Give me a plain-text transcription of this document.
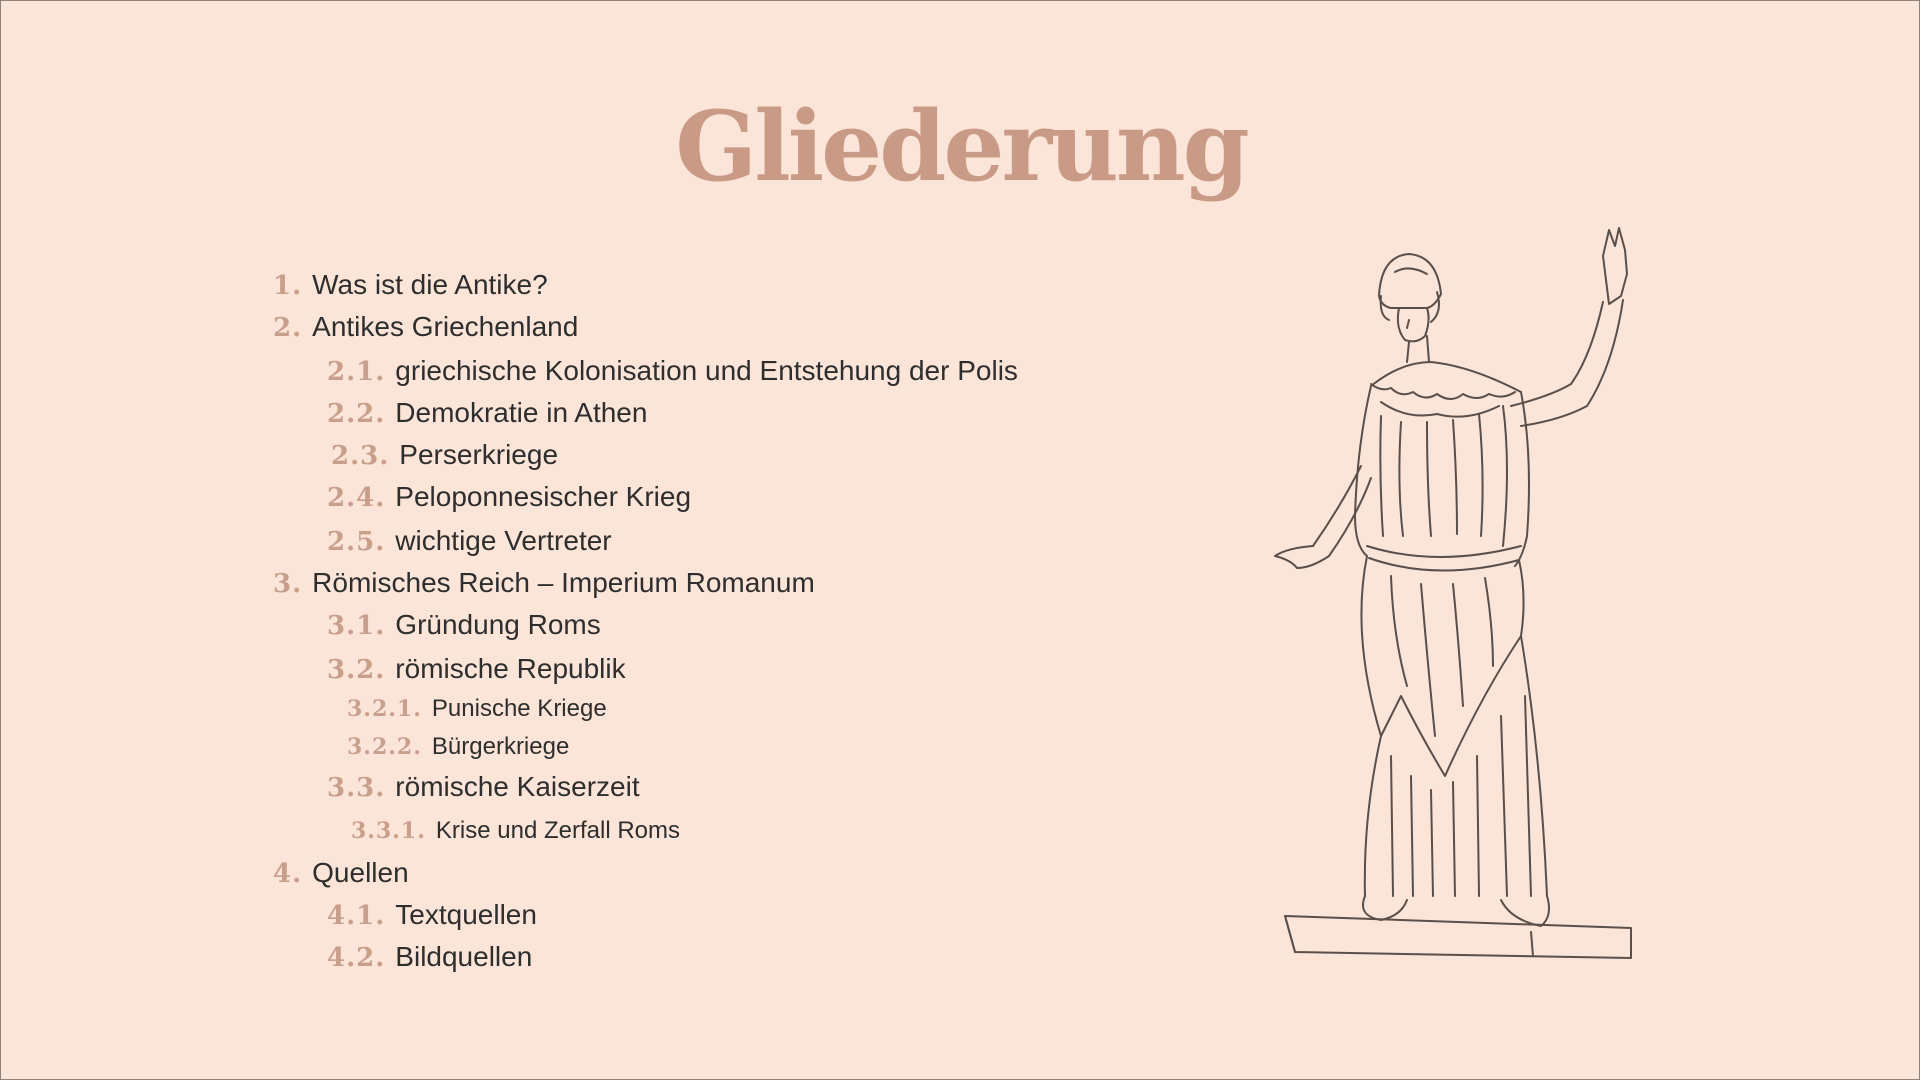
Gliederung
1. Was ist die Antike?
2. Antikes Griechenland
2.1. griechische Kolonisation und Entstehung der Polis
2.2. Demokratie in Athen
2.3. Perserkriege
2.4. Peloponnesischer Krieg
2.5. wichtige Vertreter
3. Römisches Reich – Imperium Romanum
3.1. Gründung Roms
3.2. römische Republik
3.2.1. Punische Kriege
3.2.2. Bürgerkriege
3.3. römische Kaiserzeit
3.3.1. Krise und Zerfall Roms
4. Quellen
4.1. Textquellen
4.2. Bildquellen
